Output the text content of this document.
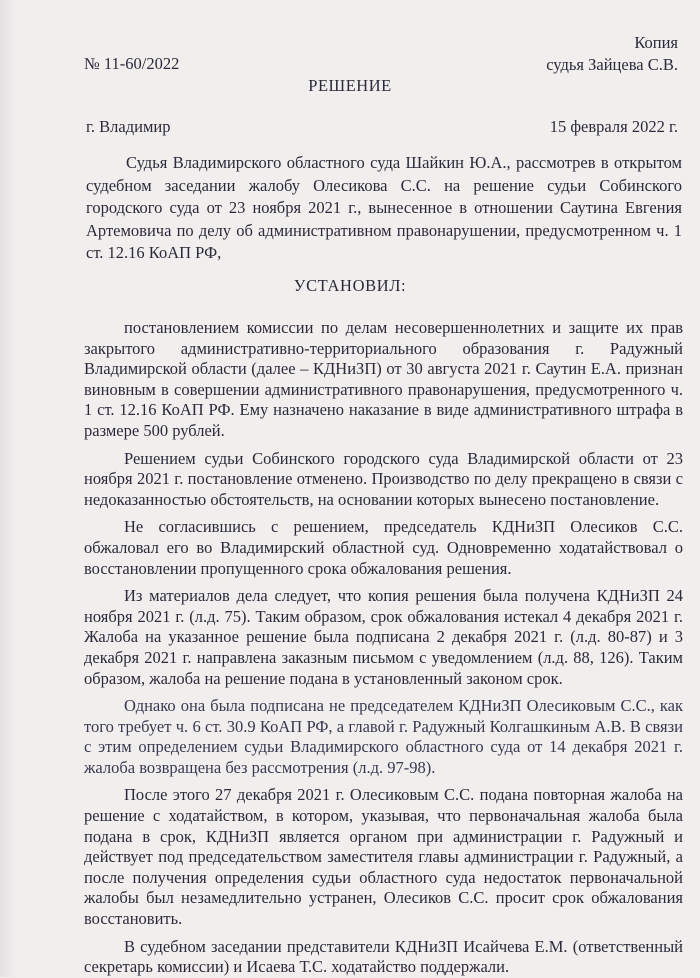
Копия
судья Зайцева С.В.
№ 11-60/2022
РЕШЕНИЕ
г. Владимир	15 февраля 2022 г.

Судья Владимирского областного суда Шайкин Ю.А., рассмотрев в открытом судебном заседании жалобу Олесикова С.С. на решение судьи Собинского городского суда от 23 ноября 2021 г., вынесенное в отношении Саутина Евгения Артемовича по делу об административном правонарушении, предусмотренном ч. 1 ст. 12.16 КоАП РФ,

УСТАНОВИЛ:

постановлением комиссии по делам несовершеннолетних и защите их прав закрытого административно-территориального образования г. Радужный Владимирской области (далее – КДНиЗП) от 30 августа 2021 г. Саутин Е.А. признан виновным в совершении административного правонарушения, предусмотренного ч. 1 ст. 12.16 КоАП РФ. Ему назначено наказание в виде административного штрафа в размере 500 рублей.

Решением судьи Собинского городского суда Владимирской области от 23 ноября 2021 г. постановление отменено. Производство по делу прекращено в связи с недоказанностью обстоятельств, на основании которых вынесено постановление.

Не согласившись с решением, председатель КДНиЗП Олесиков С.С. обжаловал его во Владимирский областной суд. Одновременно ходатайствовал о восстановлении пропущенного срока обжалования решения.

Из материалов дела следует, что копия решения была получена КДНиЗП 24 ноября 2021 г. (л.д. 75). Таким образом, срок обжалования истекал 4 декабря 2021 г. Жалоба на указанное решение была подписана 2 декабря 2021 г. (л.д. 80-87) и 3 декабря 2021 г. направлена заказным письмом с уведомлением (л.д. 88, 126). Таким образом, жалоба на решение подана в установленный законом срок.

Однако она была подписана не председателем КДНиЗП Олесиковым С.С., как того требует ч. 6 ст. 30.9 КоАП РФ, а главой г. Радужный Колгашкиным А.В. В связи с этим определением судьи Владимирского областного суда от 14 декабря 2021 г. жалоба возвращена без рассмотрения (л.д. 97-98).

После этого 27 декабря 2021 г. Олесиковым С.С. подана повторная жалоба на решение с ходатайством, в котором, указывая, что первоначальная жалоба была подана в срок, КДНиЗП является органом при администрации г. Радужный и действует под председательством заместителя главы администрации г. Радужный, а после получения определения судьи областного суда недостаток первоначальной жалобы был незамедлительно устранен, Олесиков С.С. просит срок обжалования восстановить.

В судебном заседании представители КДНиЗП Исайчева Е.М. (ответственный секретарь комиссии) и Исаева Т.С. ходатайство поддержали.
